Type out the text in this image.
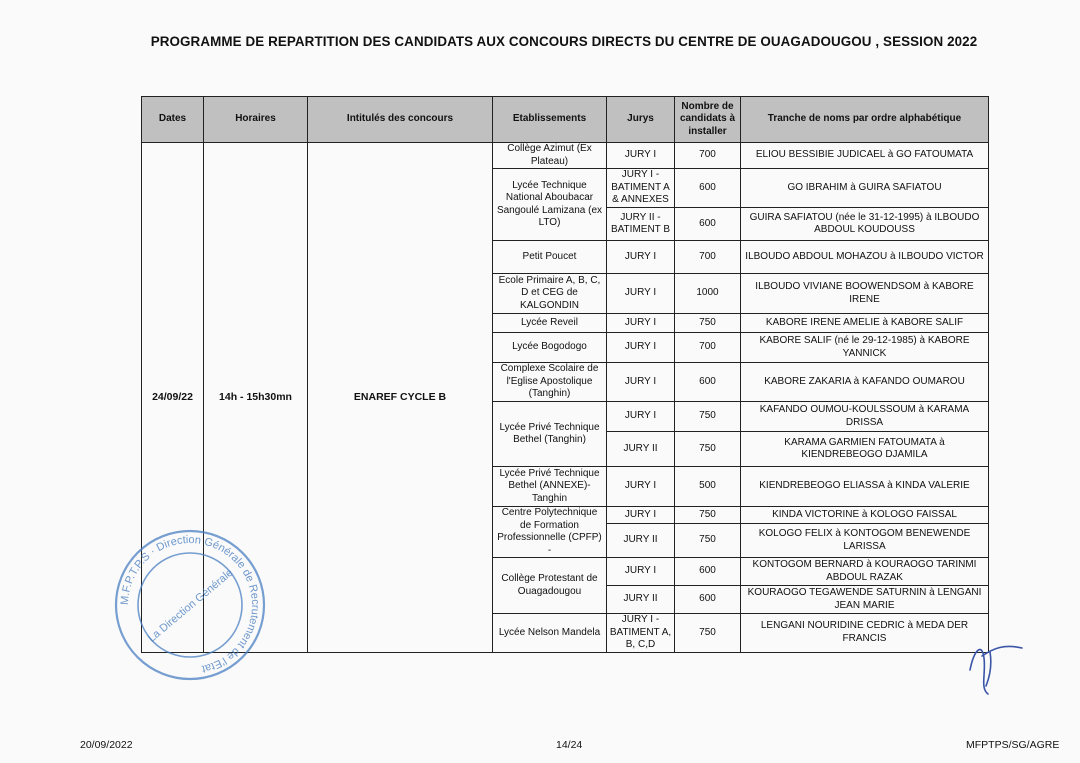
PROGRAMME DE REPARTITION DES CANDIDATS AUX CONCOURS DIRECTS DU CENTRE DE OUAGADOUGOU , SESSION 2022
Dates	Horaires	Intitulés des concours	Etablissements	Jurys	Nombre de candidats à installer	Tranche de noms par ordre alphabétique
24/09/22	14h - 15h30mn	ENAREF CYCLE B	Collège Azimut (Ex Plateau)	JURY I	700	ELIOU BESSIBIE JUDICAEL à GO FATOUMATA
			Lycée Technique National Aboubacar Sangoulé Lamizana (ex LTO)	JURY I - BATIMENT A & ANNEXES	600	GO IBRAHIM à GUIRA SAFIATOU
				JURY II - BATIMENT B	600	GUIRA SAFIATOU (née le 31-12-1995) à ILBOUDO ABDOUL KOUDOUSS
			Petit Poucet	JURY I	700	ILBOUDO ABDOUL MOHAZOU à ILBOUDO VICTOR
			Ecole Primaire A, B, C, D et CEG de KALGONDIN	JURY I	1000	ILBOUDO VIVIANE BOOWENDSOM à KABORE IRENE
			Lycée Reveil	JURY I	750	KABORE IRENE AMELIE à KABORE SALIF
			Lycée Bogodogo	JURY I	700	KABORE SALIF (né le 29-12-1985) à KABORE YANNICK
			Complexe Scolaire de l'Eglise Apostolique (Tanghin)	JURY I	600	KABORE ZAKARIA à KAFANDO OUMAROU
			Lycée Privé Technique Bethel (Tanghin)	JURY I	750	KAFANDO OUMOU-KOULSSOUM à KARAMA DRISSA
				JURY II	750	KARAMA GARMIEN FATOUMATA à KIENDREBEOGO DJAMILA
			Lycée Privé Technique Bethel (ANNEXE)- Tanghin	JURY I	500	KIENDREBEOGO ELIASSA à KINDA VALERIE
			Centre Polytechnique de Formation Professionnelle (CPFP) -	JURY I	750	KINDA VICTORINE à KOLOGO FAISSAL
				JURY II	750	KOLOGO FELIX à KONTOGOM BENEWENDE LARISSA
			Collège Protestant de Ouagadougou	JURY I	600	KONTOGOM BERNARD à KOURAOGO TARINMI ABDOUL RAZAK
				JURY II	600	KOURAOGO TEGAWENDE SATURNIN à LENGANI JEAN MARIE
			Lycée Nelson Mandela	JURY I - BATIMENT A, B, C,D	750	LENGANI NOURIDINE CEDRIC à MEDA DER FRANCIS
M.F.P.T.P.S · Direction Générale de Recrutement de l'Etat
La Direction Générale
20/09/2022	14/24	MFPTPS/SG/AGRE
